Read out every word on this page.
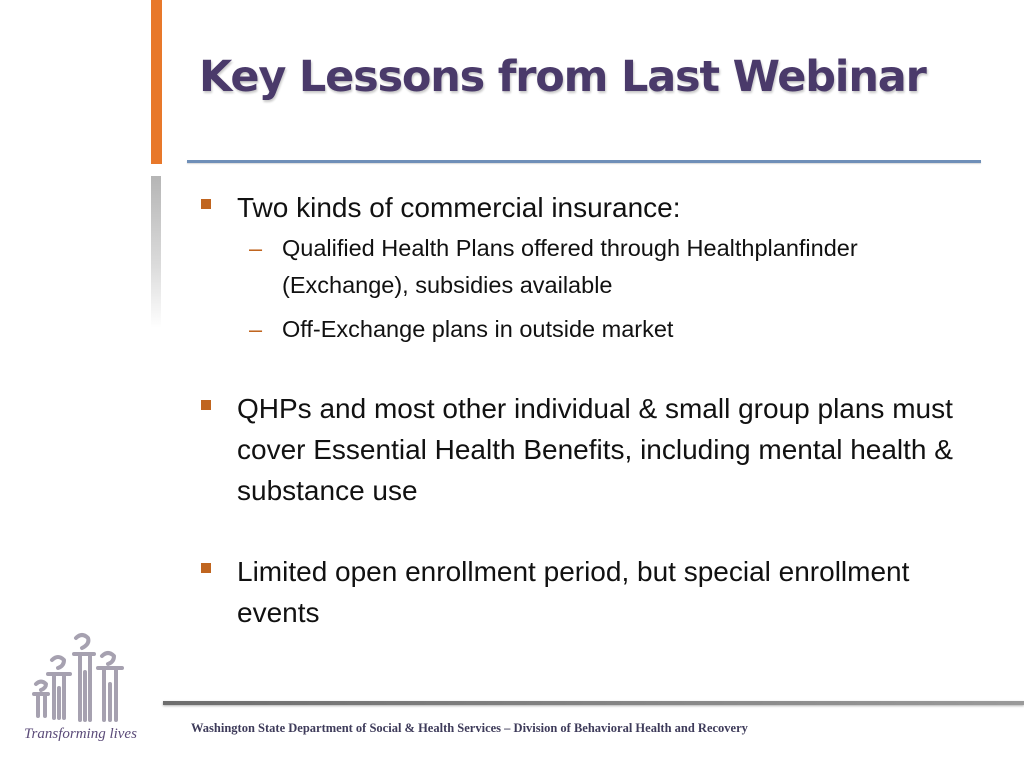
Key Lessons from Last Webinar
Two kinds of commercial insurance:
– Qualified Health Plans offered through Healthplanfinder (Exchange), subsidies available
– Off-Exchange plans in outside market
QHPs and most other individual & small group plans must cover Essential Health Benefits, including mental health & substance use
Limited open enrollment period, but special enrollment events
Transforming lives	Washington State Department of Social & Health Services – Division of Behavioral Health and Recovery
